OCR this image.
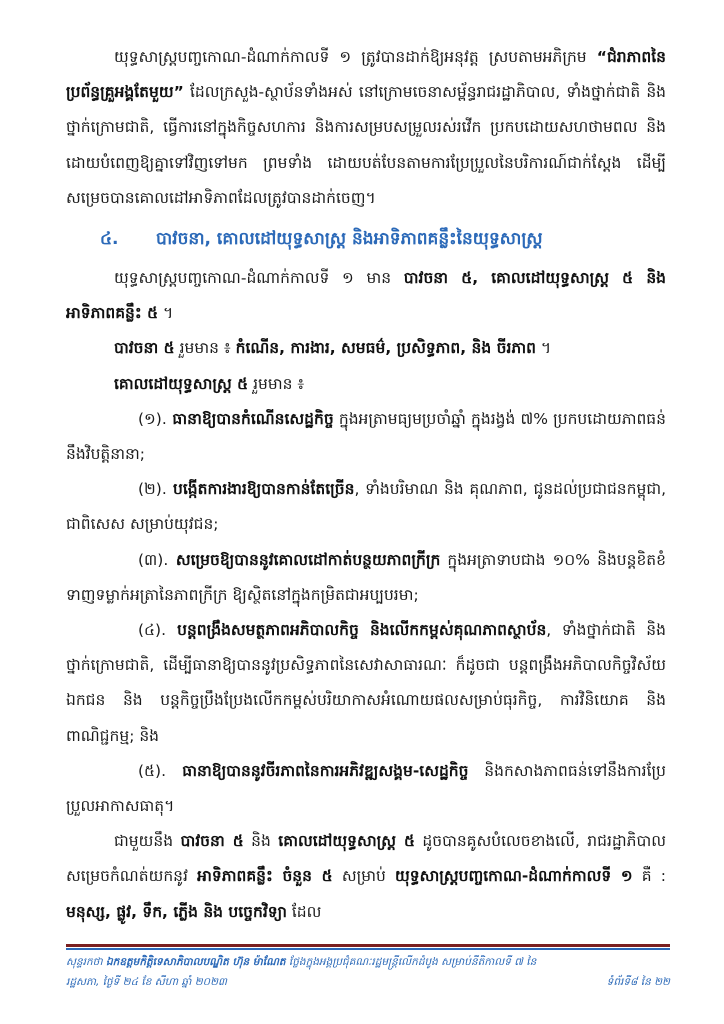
យុទ្ធសាស្ត្របញ្ចកោណ-ដំណាក់កាលទី ១ ត្រូវបានដាក់ឱ្យអនុវត្ត ស្របតាមអភិក្រម “ជំរាភាពនៃប្រព័ន្ធគ្រួអង្គតែមួយ” ដែលក្រសួង-ស្ថាប័នទាំងអស់ នៅក្រោមចេនាសម្ព័ន្ធរាជរដ្ឋាភិបាល, ទាំងថ្នាក់ជាតិ និង ថ្នាក់ក្រោមជាតិ, ធ្វើការនៅក្នុងកិច្ចសហការ និងការសម្របសម្រួលរស់រវើក ប្រកបដោយសហថាមពល និងដោយបំពេញឱ្យគ្នាទៅវិញទៅមក ព្រមទាំង ដោយបត់បែនតាមការប្រែប្រួលនៃបរិការណ៍ជាក់ស្តែង ដើម្បីសម្រេចបានគោលដៅអាទិភាពដែលត្រូវបានដាក់ចេញ។

៤. បាវចនា, គោលដៅយុទ្ធសាស្ត្រ និងអាទិភាពគន្លឹះនៃយុទ្ធសាស្ត្រ

យុទ្ធសាស្ត្របញ្ចកោណ-ដំណាក់កាលទី ១ មាន បាវចនា ៥, គោលដៅយុទ្ធសាស្ត្រ ៥ និង អាទិភាពគន្លឹះ ៥ ។

បាវចនា ៥ រួមមាន ៖ កំណើន, ការងារ, សមធម៌, ប្រសិទ្ធភាព, និង ចីរភាព ។

គោលដៅយុទ្ធសាស្ត្រ ៥ រួមមាន ៖

(១). ធានាឱ្យបានកំណើនសេដ្ឋកិច្ច ក្នុងអត្រាមធ្យមប្រចាំឆ្នាំ ក្នុងរង្វង់ ៧% ប្រកបដោយភាពធន់នឹងវិបត្តិនានា;

(២). បង្កើតការងារឱ្យបានកាន់តែច្រើន, ទាំងបរិមាណ និង គុណភាព, ជូនដល់ប្រជាជនកម្ពុជា, ជាពិសេស សម្រាប់យុវជន;

(៣). សម្រេចឱ្យបាននូវគោលដៅកាត់បន្ថយភាពក្រីក្រ ក្នុងអត្រាទាបជាង ១០% និងបន្តខិតខំទាញទម្លាក់អត្រានៃភាពក្រីក្រ ឱ្យស្ថិតនៅក្នុងកម្រិតជាអប្បបរមា;

(៤). បន្តពង្រឹងសមត្ថភាពអភិបាលកិច្ច និងលើកកម្ពស់គុណភាពស្ថាប័ន, ទាំងថ្នាក់ជាតិ និង ថ្នាក់ក្រោមជាតិ, ដើម្បីធានាឱ្យបាននូវប្រសិទ្ធភាពនៃសេវាសាធារណៈ ក៏ដូចជា បន្តពង្រឹងអភិបាលកិច្ចវិស័យឯកជន និង បន្តកិច្ចប្រឹងប្រែងលើកកម្ពស់បរិយាកាសអំណោយផលសម្រាប់ធុរកិច្ច, ការវិនិយោគ និង ពាណិជ្ជកម្ម; និង

(៥). ធានាឱ្យបាននូវចីរភាពនៃការអភិវឌ្ឍសង្គម-សេដ្ឋកិច្ច និងកសាងភាពធន់ទៅនឹងការប្រែប្រួលអាកាសធាតុ។

ជាមួយនឹង បាវចនា ៥ និង គោលដៅយុទ្ធសាស្ត្រ ៥ ដូចបានគូសបំលេចខាងលើ, រាជរដ្ឋាភិបាលសម្រេចកំណត់យកនូវ អាទិភាពគន្លឹះ ចំនួន ៥ សម្រាប់ យុទ្ធសាស្ត្របញ្ចកោណ-ដំណាក់កាលទី ១ គឺ : មនុស្ស, ផ្លូវ, ទឹក, ភ្លើង និង បច្ចេកវិទ្យា ដែល

សុន្ទរកថា ឯកឧត្តមកិត្តិទេសាភិបាលបណ្ឌិត ហ៊ុន ម៉ាណែត ថ្លែងក្នុងអង្គប្រជុំគណៈរដ្ឋមន្ត្រីលើកដំបូង សម្រាប់នីតិកាលទី ៧ នៃ
រដ្ឋសភា, ថ្ងៃទី ២៤ ខែ សីហា ឆ្នាំ ២០២៣	ទំព័រទី៨ នៃ ២២
